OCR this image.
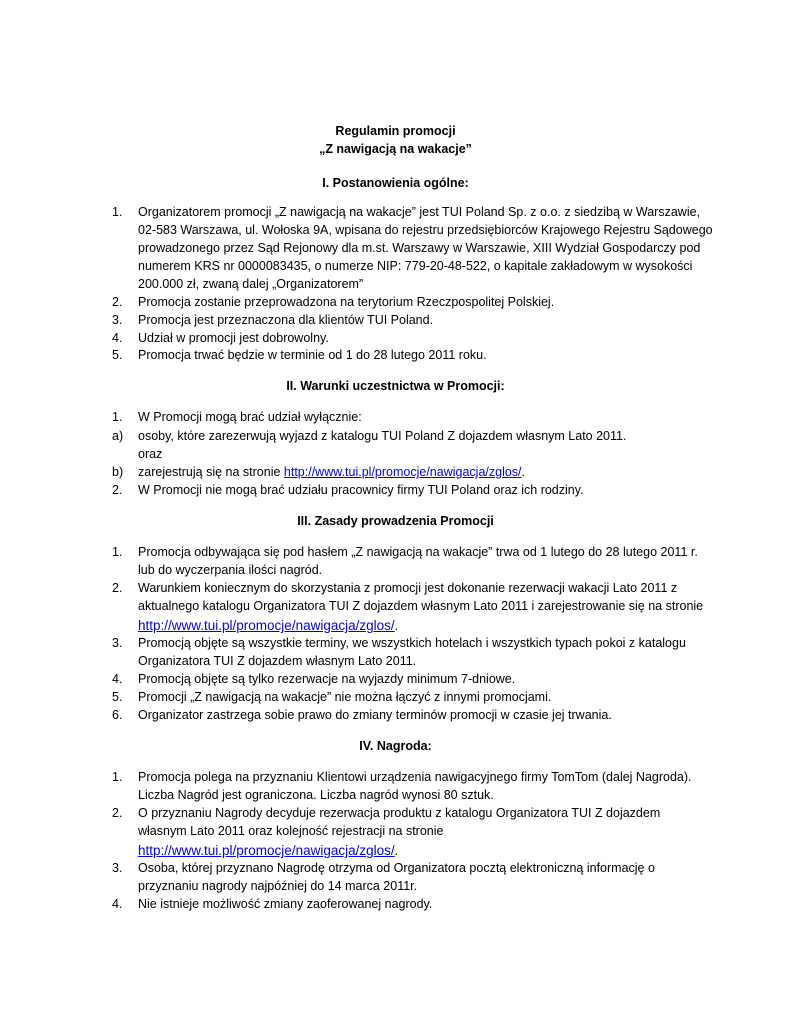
Regulamin promocji
„Z nawigacją na wakacje”
I. Postanowienia ogólne:
1. Organizatorem promocji „Z nawigacją na wakacje” jest TUI Poland Sp. z o.o. z siedzibą w Warszawie,
02-583 Warszawa, ul. Wołoska 9A, wpisana do rejestru przedsiębiorców Krajowego Rejestru Sądowego
prowadzonego przez Sąd Rejonowy dla m.st. Warszawy w Warszawie, XIII Wydział Gospodarczy pod
numerem KRS nr 0000083435, o numerze NIP: 779-20-48-522, o kapitale zakładowym w wysokości
200.000 zł, zwaną dalej „Organizatorem”
2. Promocja zostanie przeprowadzona na terytorium Rzeczpospolitej Polskiej.
3. Promocja jest przeznaczona dla klientów TUI Poland.
4. Udział w promocji jest dobrowolny.
5. Promocja trwać będzie w terminie od 1 do 28 lutego 2011 roku.
II. Warunki uczestnictwa w Promocji:
1. W Promocji mogą brać udział wyłącznie:
a) osoby, które zarezerwują wyjazd z katalogu TUI Poland Z dojazdem własnym Lato 2011.
oraz
b) zarejestrują się na stronie http://www.tui.pl/promocje/nawigacja/zglos/.
2. W Promocji nie mogą brać udziału pracownicy firmy TUI Poland oraz ich rodziny.
III. Zasady prowadzenia Promocji
1. Promocja odbywająca się pod hasłem „Z nawigacją na wakacje” trwa od 1 lutego do 28 lutego 2011 r.
lub do wyczerpania ilości nagród.
2. Warunkiem koniecznym do skorzystania z promocji jest dokonanie rezerwacji wakacji Lato 2011 z
aktualnego katalogu Organizatora TUI Z dojazdem własnym Lato 2011 i zarejestrowanie się na stronie
http://www.tui.pl/promocje/nawigacja/zglos/.
3. Promocją objęte są wszystkie terminy, we wszystkich hotelach i wszystkich typach pokoi z katalogu
Organizatora TUI Z dojazdem własnym Lato 2011.
4. Promocją objęte są tylko rezerwacje na wyjazdy minimum 7-dniowe.
5. Promocji „Z nawigacją na wakacje” nie można łączyć z innymi promocjami.
6. Organizator zastrzega sobie prawo do zmiany terminów promocji w czasie jej trwania.
IV. Nagroda:
1. Promocja polega na przyznaniu Klientowi urządzenia nawigacyjnego firmy TomTom (dalej Nagroda).
Liczba Nagród jest ograniczona. Liczba nagród wynosi 80 sztuk.
2. O przyznaniu Nagrody decyduje rezerwacja produktu z katalogu Organizatora TUI Z dojazdem
własnym Lato 2011 oraz kolejność rejestracji na stronie
http://www.tui.pl/promocje/nawigacja/zglos/.
3. Osoba, której przyznano Nagrodę otrzyma od Organizatora pocztą elektroniczną informację o
przyznaniu nagrody najpóźniej do 14 marca 2011r.
4. Nie istnieje możliwość zmiany zaoferowanej nagrody.
